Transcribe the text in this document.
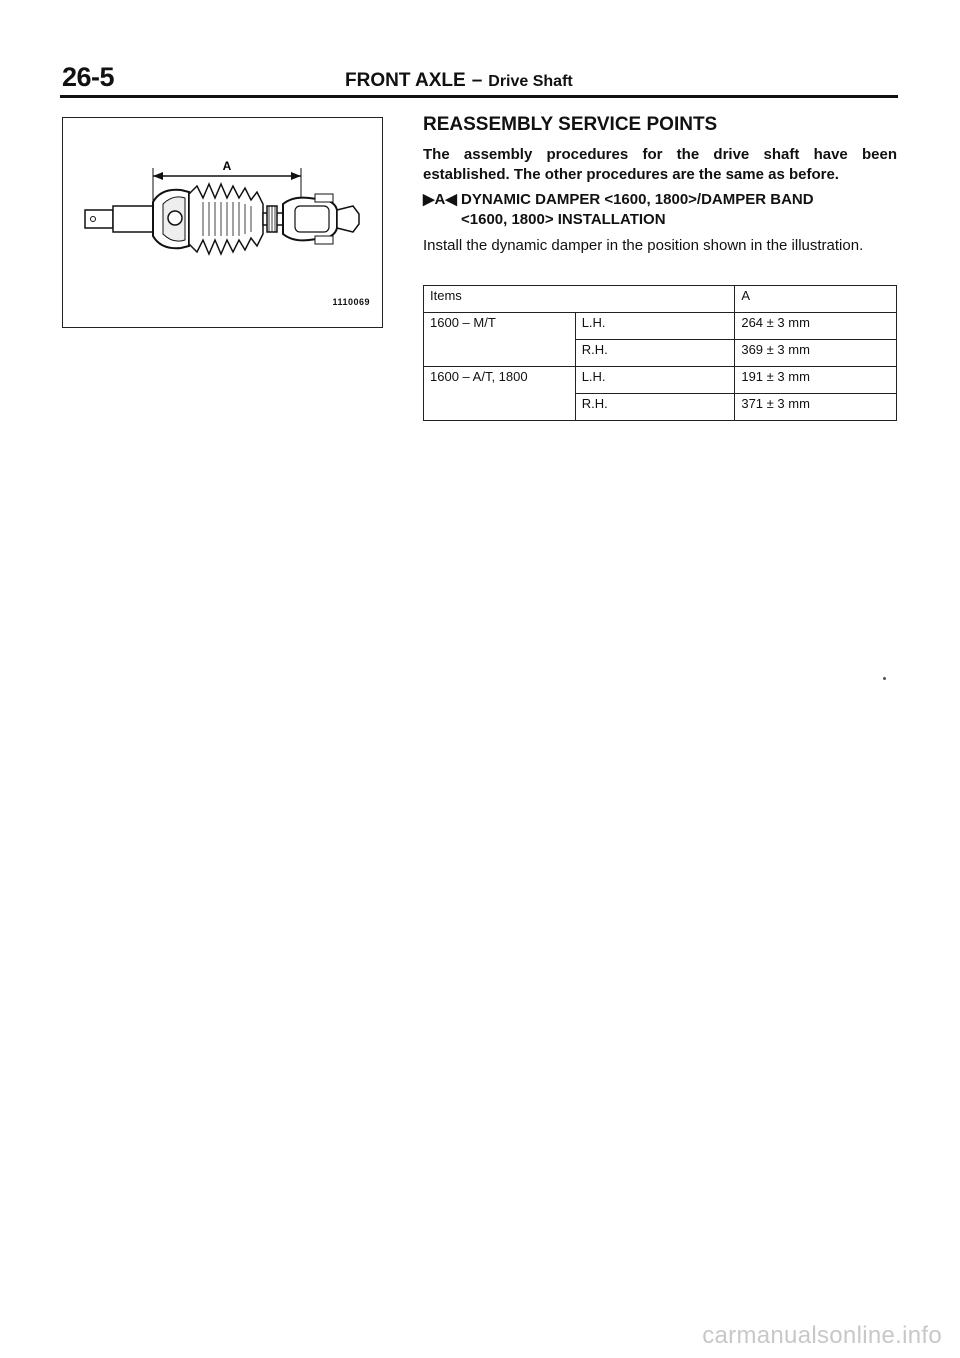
26-5	FRONT AXLE – Drive Shaft
A
1110069
REASSEMBLY SERVICE POINTS
The assembly procedures for the drive shaft have been established. The other procedures are the same as before.
▶A◀ DYNAMIC DAMPER <1600, 1800>/DAMPER BAND
<1600, 1800> INSTALLATION
Install the dynamic damper in the position shown in the illustration.
Items		A
1600 – M/T	L.H.	264 ± 3 mm
	R.H.	369 ± 3 mm
1600 – A/T, 1800	L.H.	191 ± 3 mm
	R.H.	371 ± 3 mm
carmanualsonline.info
